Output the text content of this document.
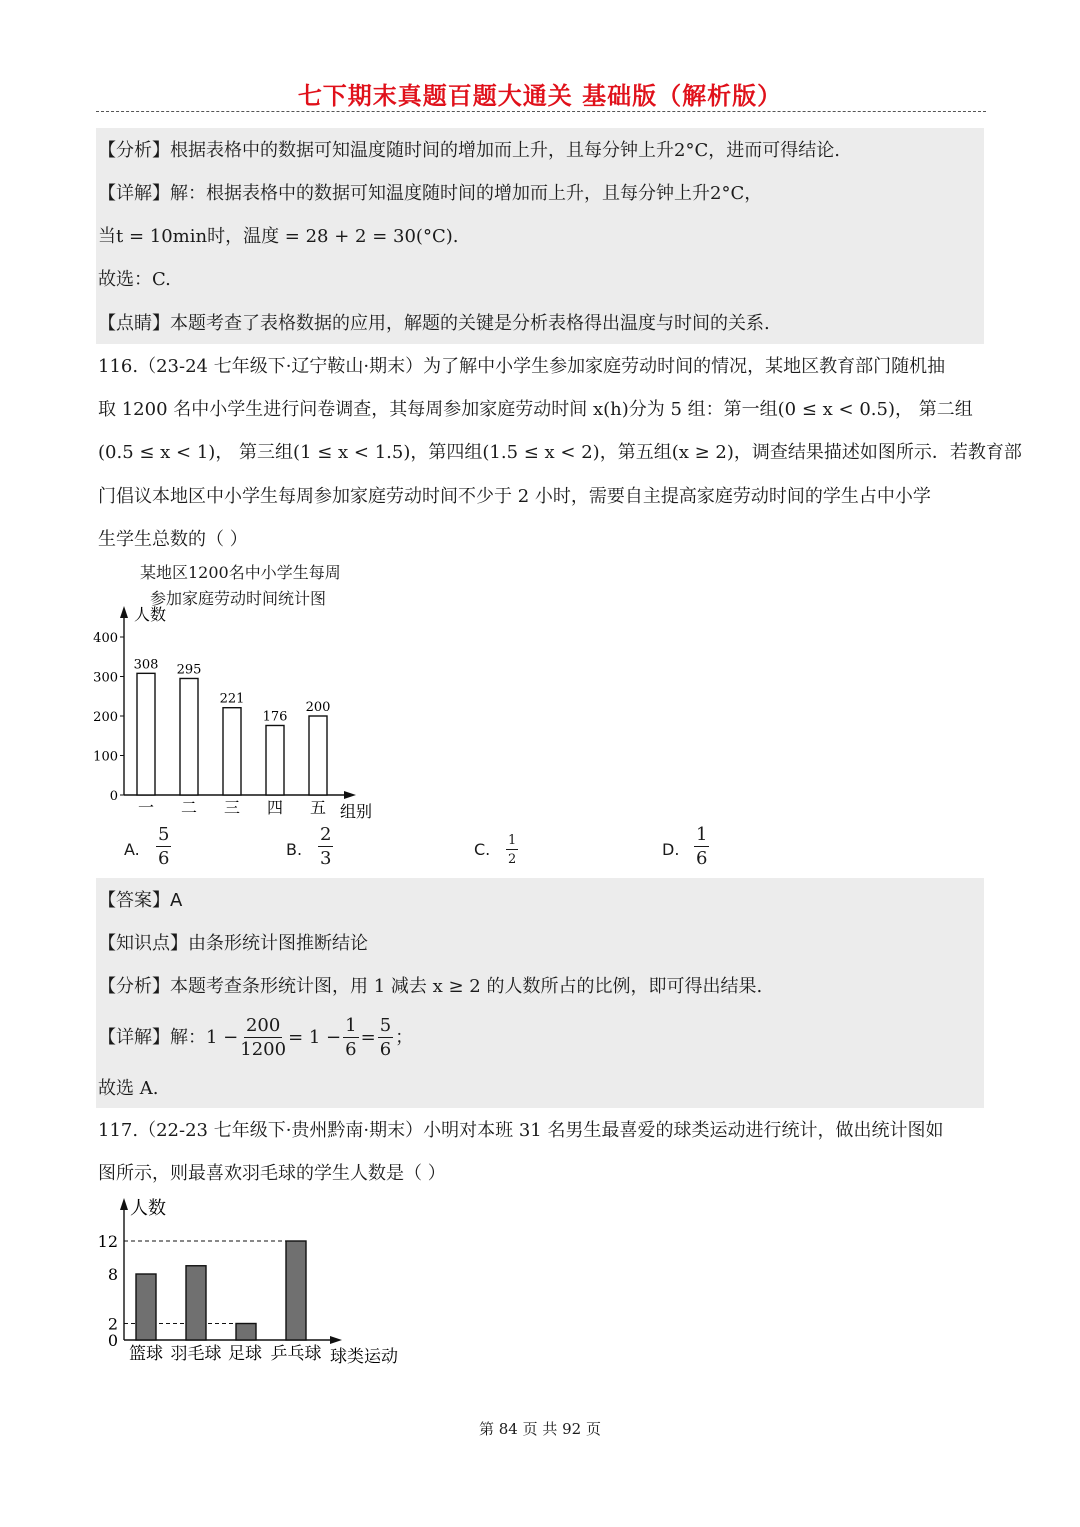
七下期末真题百题大通关 基础版（解析版）
【分析】根据表格中的数据可知温度随时间的增加而上升，且每分钟上升2°C，进而可得结论.
【详解】解：根据表格中的数据可知温度随时间的增加而上升，且每分钟上升2°C，
当t = 10min时，温度 = 28 + 2 = 30(°C).
故选：C.
【点睛】本题考查了表格数据的应用，解题的关键是分析表格得出温度与时间的关系.
116.（23-24 七年级下·辽宁鞍山·期末）为了解中小学生参加家庭劳动时间的情况，某地区教育部门随机抽
取 1200 名中小学生进行问卷调查，其每周参加家庭劳动时间 x(h)分为 5 组：第一组(0 ≤ x < 0.5)， 第二组
(0.5 ≤ x < 1)， 第三组(1 ≤ x < 1.5)，第四组(1.5 ≤ x < 2)，第五组(x ≥ 2)，调查结果描述如图所示．若教育部
门倡议本地区中小学生每周参加家庭劳动时间不少于 2 小时，需要自主提高家庭劳动时间的学生占中小学
生学生总数的（ ）
某地区1200名中小学生每周
参加家庭劳动时间统计图
人数
组别
0
100
200
300
400
308
一
295
二
221
三
176
四
200
五
A. $\frac{5}{6}$	B. $\frac{2}{3}$	C. $\frac{1}{2}$	D. $\frac{1}{6}$
【答案】A
【知识点】由条形统计图推断结论
【分析】本题考查条形统计图，用 1 减去 x ≥ 2 的人数所占的比例，即可得出结果.
【详解】 解：$1 - \frac{200}{1200} = 1 - \frac{1}{6} = \frac{5}{6}$ ；
故选 A.
117.（22-23 七年级下·贵州黔南·期末）小明对本班 31 名男生最喜爱的球类运动进行统计，做出统计图如
图所示，则最喜欢羽毛球的学生人数是（ ）
人数
球类运动
0
2
8
12
篮球 羽毛球 足球 乒乓球
第 84 页 共 92 页
